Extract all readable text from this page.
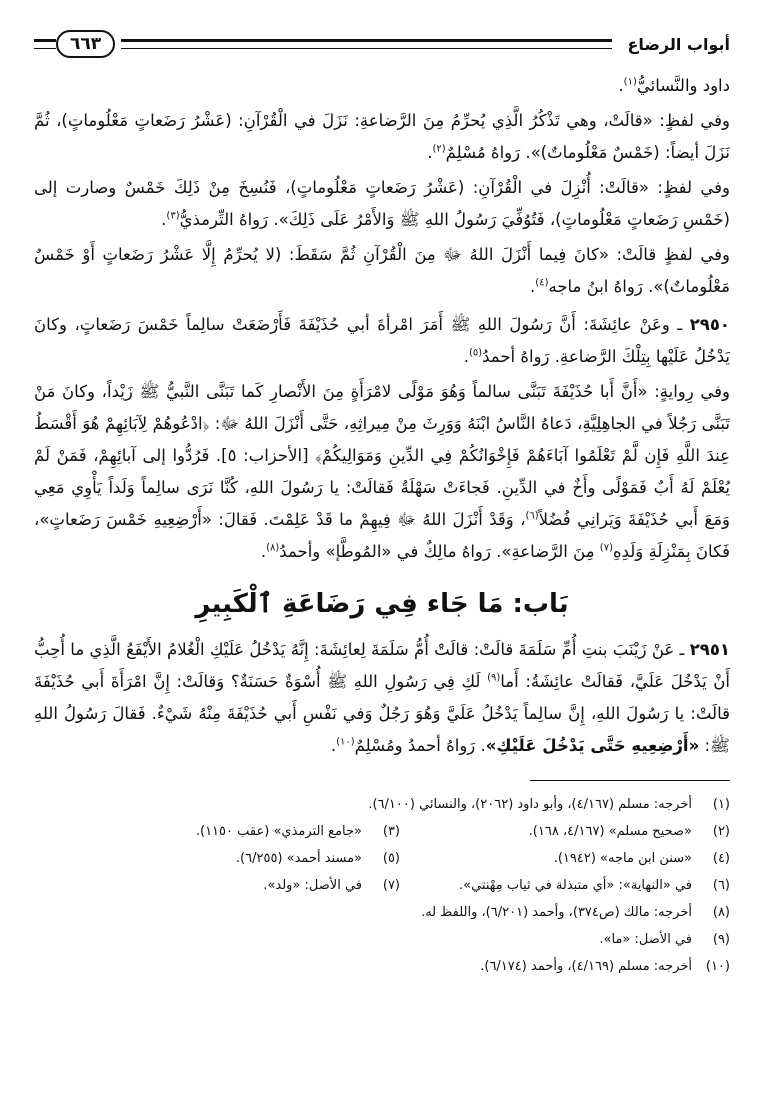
أبواب الرضاع
٦٦٣

داود والنَّسائيُّ$^{(١)}$.

وفي لفظٍ: «قالَتْ، وهي تَذْكُرُ الَّذِي يُحرِّمُ مِنَ الرَّضاعةِ: نَزَلَ في الْقُرْآنِ: (عَشْرُ رَضَعاتٍ مَعْلُوماتٍ)، ثُمَّ نَزَلَ أيضاً: (خَمْسٌ مَعْلُوماتٌ)». رَواهُ مُسْلِمٌ$^{(٢)}$.

وفي لفظٍ: «قالَتْ: أُنْزِلَ في الْقُرْآنِ: (عَشْرُ رَضَعاتٍ مَعْلُوماتٍ)، فَنُسِخَ مِنْ ذَلِكَ خَمْسٌ وصارت إلى (خَمْسِ رَضَعاتٍ مَعْلُوماتٍ)، فَتُوُفِّيَ رَسُولُ اللهِ ﷺ وَالأَمْرُ عَلَى ذَلِكَ». رَواهُ التِّرمذيُّ$^{(٣)}$.

وفي لفظٍ قالَتْ: «كانَ فِيما أَنْزَلَ اللهُ ﷻ مِنَ الْقُرْآنِ ثُمَّ سَقَطَ: (لا يُحرِّمُ إِلَّا عَشْرُ رَضَعاتٍ أَوْ خَمْسٌ مَعْلُوماتٌ)». رَواهُ ابنُ ماجه$^{(٤)}$.

٢٩٥٠ ـ وعَنْ عائِشَةَ: أَنَّ رَسُولَ اللهِ ﷺ أَمَرَ امْرأةَ أبي حُذَيْفَةَ فَأَرْضَعَتْ سالِماً خَمْسَ رَضَعاتٍ، وكانَ يَدْخُلُ عَلَيْها بِتِلْكَ الرَّضاعةِ. رَواهُ أحمدُ$^{(٥)}$.

وفي رِوايةٍ: «أَنَّ أَبا حُذَيْفَةَ تَبَنَّى سالماً وَهُوَ مَوْلًى لامْرَأَةٍ مِنَ الأَنْصارِ كَما تَبَنَّى النَّبيُّ ﷺ زَيْداً، وكانَ مَنْ تَبَنَّى رَجُلاً في الجاهِلِيَّةِ، دَعاهُ النَّاسُ ابْنَهُ وَوَرِثَ مِنْ مِيراثِهِ، حَتَّى أَنْزَلَ اللهُ ﷻ: ﴿ادْعُوهُمْ لِآبَائِهِمْ هُوَ أَقْسَطُ عِندَ اللَّهِ فَإِن لَّمْ تَعْلَمُوا آبَاءَهُمْ فَإِخْوَانُكُمْ فِي الدِّينِ وَمَوَالِيكُمْ﴾ [الأحزاب: ٥]. فَرُدُّوا إلى آبائِهِمْ، فَمَنْ لَمْ يُعْلَمْ لَهُ أَبٌ فَمَوْلًى وأَخٌ في الدِّينِ. فَجاءَتْ سَهْلَةُ فَقالَتْ: يا رَسُولَ اللهِ، كُنَّا نَرَى سالِماً وَلَداً يَأْوِي مَعِي وَمَعَ أَبي حُذَيْفَةَ وَيَرانِي فُضُلاً$^{(٦)}$، وَقَدْ أَنْزَلَ اللهُ ﷻ فِيهِمْ ما قَدْ عَلِمْتَ. فَقالَ: «أَرْضِعِيهِ خَمْسَ رَضَعاتٍ»، فَكانَ بِمَنْزِلَةِ وَلَدِهِ$^{(٧)}$ مِنَ الرَّضاعةِ». رَواهُ مالِكٌ في «المُوطَّإ» وأحمدُ$^{(٨)}$.

بَاب: مَا جَاء فِي رَضَاعَةِ ٱلْكَبِيرِ

٢٩٥١ ـ عَنْ زَيْنَبَ بنتِ أُمِّ سَلَمَةَ قالَتْ: قالَتْ أُمُّ سَلَمَةَ لِعائِشَةَ: إِنَّهُ يَدْخُلُ عَلَيْكِ الْغُلامُ الأَيْفَعُ الَّذِي ما أُحِبُّ أَنْ يَدْخُلَ عَلَيَّ، فَقالَتْ عائِشَةُ: أَما$^{(٩)}$ لَكِ فِي رَسُولِ اللهِ ﷺ أُسْوَةٌ حَسَنَةٌ؟ وَقالَتْ: إِنَّ امْرَأَةَ أَبي حُذَيْفَةَ قالَتْ: يا رَسُولَ اللهِ، إِنَّ سالِماً يَدْخُلُ عَلَيَّ وَهُوَ رَجُلٌ وَفي نَفْسِ أَبي حُذَيْفَةَ مِنْهُ شَيْءٌ. فَقالَ رَسُولُ اللهِ ﷺ: «أَرْضِعِيهِ حَتَّى يَدْخُلَ عَلَيْكِ». رَواهُ أحمدُ ومُسْلِمٌ$^{(١٠)}$.

(١)
أخرجه: مسلم (٤/١٦٧)، وأبو داود (٢٠٦٢)، والنسائي (٦/١٠٠).
(٢)
«صحيح مسلم» (٤/١٦٧، ١٦٨).
(٣)
«جامع الترمذي» (عقب ١١٥٠).
(٤)
«سنن ابن ماجه» (١٩٤٢).
(٥)
«مسند أحمد» (٦/٢٥٥).
(٦)
في «النهاية»: «أي متبذلة في ثياب مِهْنتي».
(٧)
في الأصل: «ولد».
(٨)
أخرجه: مالك (ص٣٧٤)، وأحمد (٦/٢٠١)، واللفظ له.
(٩)
في الأصل: «ما».
(١٠)
أخرجه: مسلم (٤/١٦٩)، وأحمد (٦/١٧٤).
